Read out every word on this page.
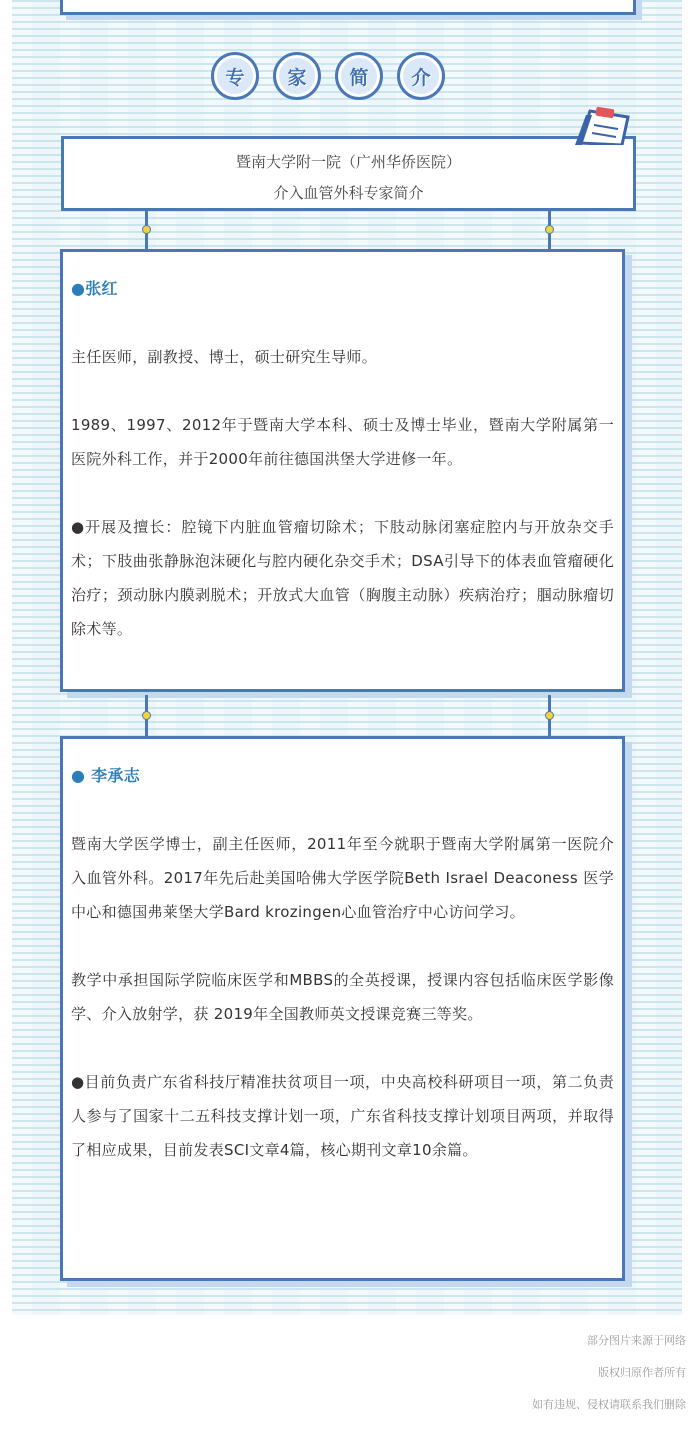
专	家	简	介
暨南大学附一院（广州华侨医院）
介入血管外科专家简介
●张红

主任医师，副教授、博士，硕士研究生导师。

1989、1997、2012年于暨南大学本科、硕士及博士毕业，暨南大学附属第一医院外科工作，并于2000年前往德国洪堡大学进修一年。

●开展及擅长：腔镜下内脏血管瘤切除术；下肢动脉闭塞症腔内与开放杂交手术；下肢曲张静脉泡沫硬化与腔内硬化杂交手术；DSA引导下的体表血管瘤硬化治疗；颈动脉内膜剥脱术；开放式大血管（胸腹主动脉）疾病治疗；腘动脉瘤切除术等。

● 李承志

暨南大学医学博士，副主任医师，2011年至今就职于暨南大学附属第一医院介入血管外科。2017年先后赴美国哈佛大学医学院Beth Israel Deaconess 医学中心和德国弗莱堡大学Bard krozingen心血管治疗中心访问学习。

教学中承担国际学院临床医学和MBBS的全英授课，授课内容包括临床医学影像学、介入放射学，获 2019年全国教师英文授课竞赛三等奖。

●目前负责广东省科技厅精准扶贫项目一项，中央高校科研项目一项，第二负责人参与了国家十二五科技支撑计划一项，广东省科技支撑计划项目两项，并取得了相应成果，目前发表SCI文章4篇，核心期刊文章10余篇。

部分图片来源于网络
版权归原作者所有
如有违规、侵权请联系我们删除
